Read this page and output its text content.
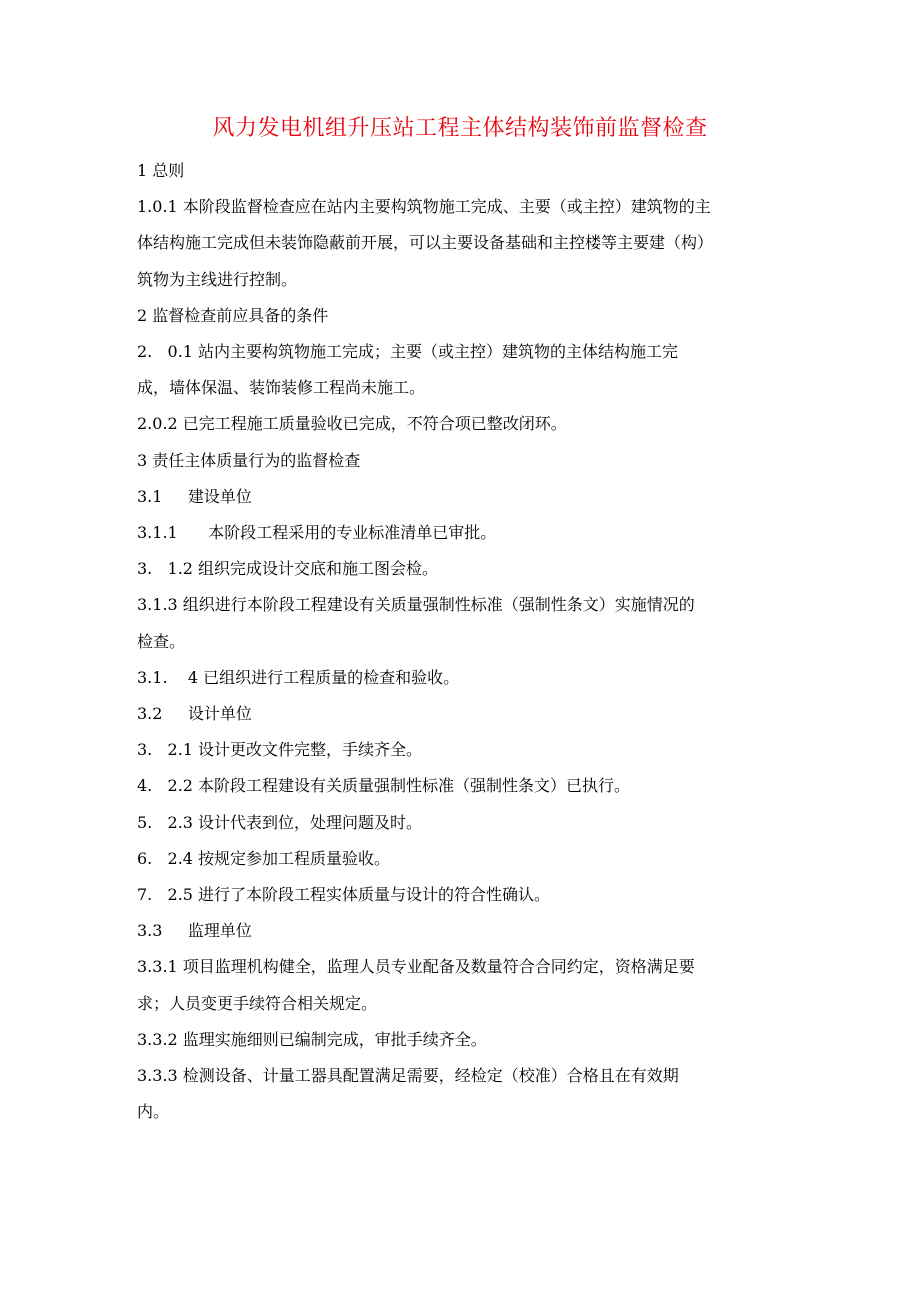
风力发电机组升压站工程主体结构装饰前监督检查

1 总则

1.0.1 本阶段监督检查应在站内主要构筑物施工完成、主要（或主控）建筑物的主
体结构施工完成但未装饰隐蔽前开展，可以主要设备基础和主控楼等主要建（构）
筑物为主线进行控制。

2 监督检查前应具备的条件

2.   0.1 站内主要构筑物施工完成；主要（或主控）建筑物的主体结构施工完
成，墙体保温、装饰装修工程尚未施工。

2.0.2 已完工程施工质量验收已完成，不符合项已整改闭环。

3 责任主体质量行为的监督检查

3.1     建设单位

3.1.1      本阶段工程采用的专业标准清单已审批。

3.   1.2 组织完成设计交底和施工图会检。

3.1.3 组织进行本阶段工程建设有关质量强制性标准（强制性条文）实施情况的
检查。

3.1.    4 已组织进行工程质量的检查和验收。

3.2     设计单位

3.   2.1 设计更改文件完整，手续齐全。

4.   2.2 本阶段工程建设有关质量强制性标准（强制性条文）已执行。

5.   2.3 设计代表到位，处理问题及时。

6.   2.4 按规定参加工程质量验收。

7.   2.5 进行了本阶段工程实体质量与设计的符合性确认。

3.3     监理单位

3.3.1 项目监理机构健全，监理人员专业配备及数量符合合同约定，资格满足要
求；人员变更手续符合相关规定。

3.3.2 监理实施细则已编制完成，审批手续齐全。

3.3.3 检测设备、计量工器具配置满足需要，经检定（校准）合格且在有效期
内。
